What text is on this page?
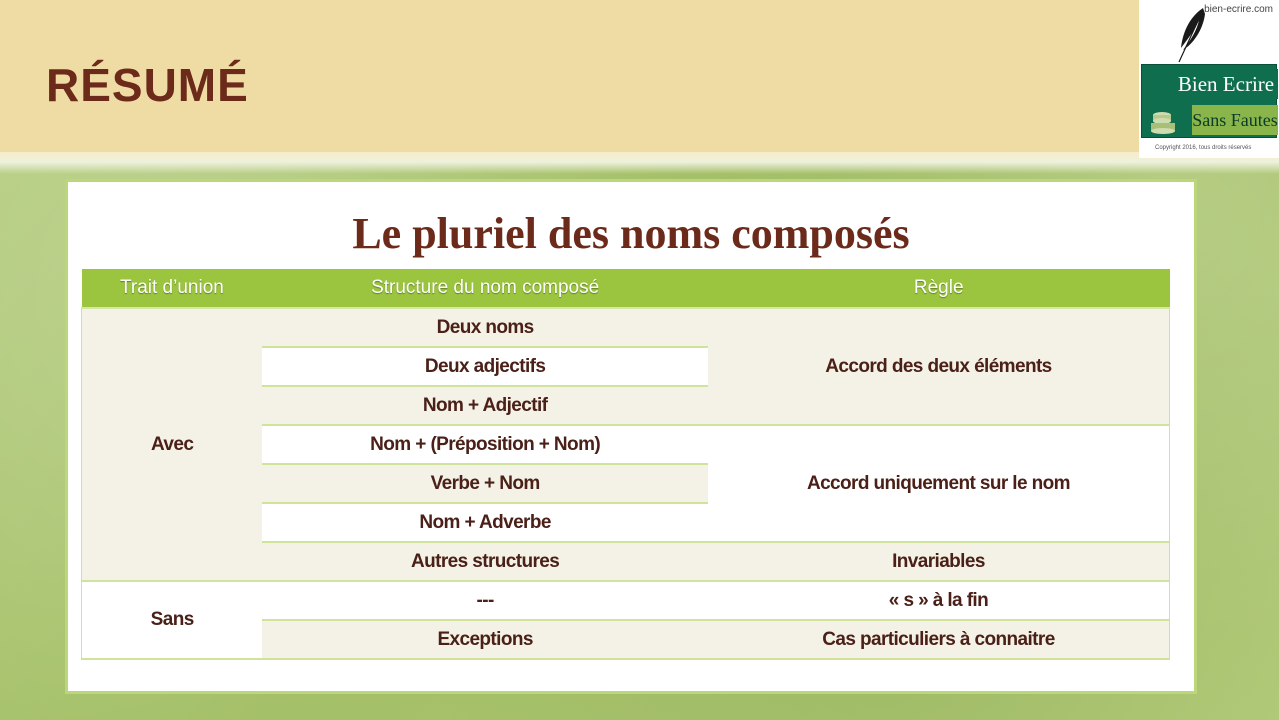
RÉSUMÉ
bien-ecrire.com
Bien Ecrire
Sans Fautes
Copyright 2016, tous droits réservés
Le pluriel des noms composés
Trait d’union	Structure du nom composé	Règle
Avec	Deux noms	Accord des deux éléments
	Deux adjectifs	
	Nom + Adjectif	
	Nom + (Préposition + Nom)	Accord uniquement sur le nom
	Verbe + Nom	
	Nom + Adverbe	
	Autres structures	Invariables
Sans	---	« s » à la fin
	Exceptions	Cas particuliers à connaitre
